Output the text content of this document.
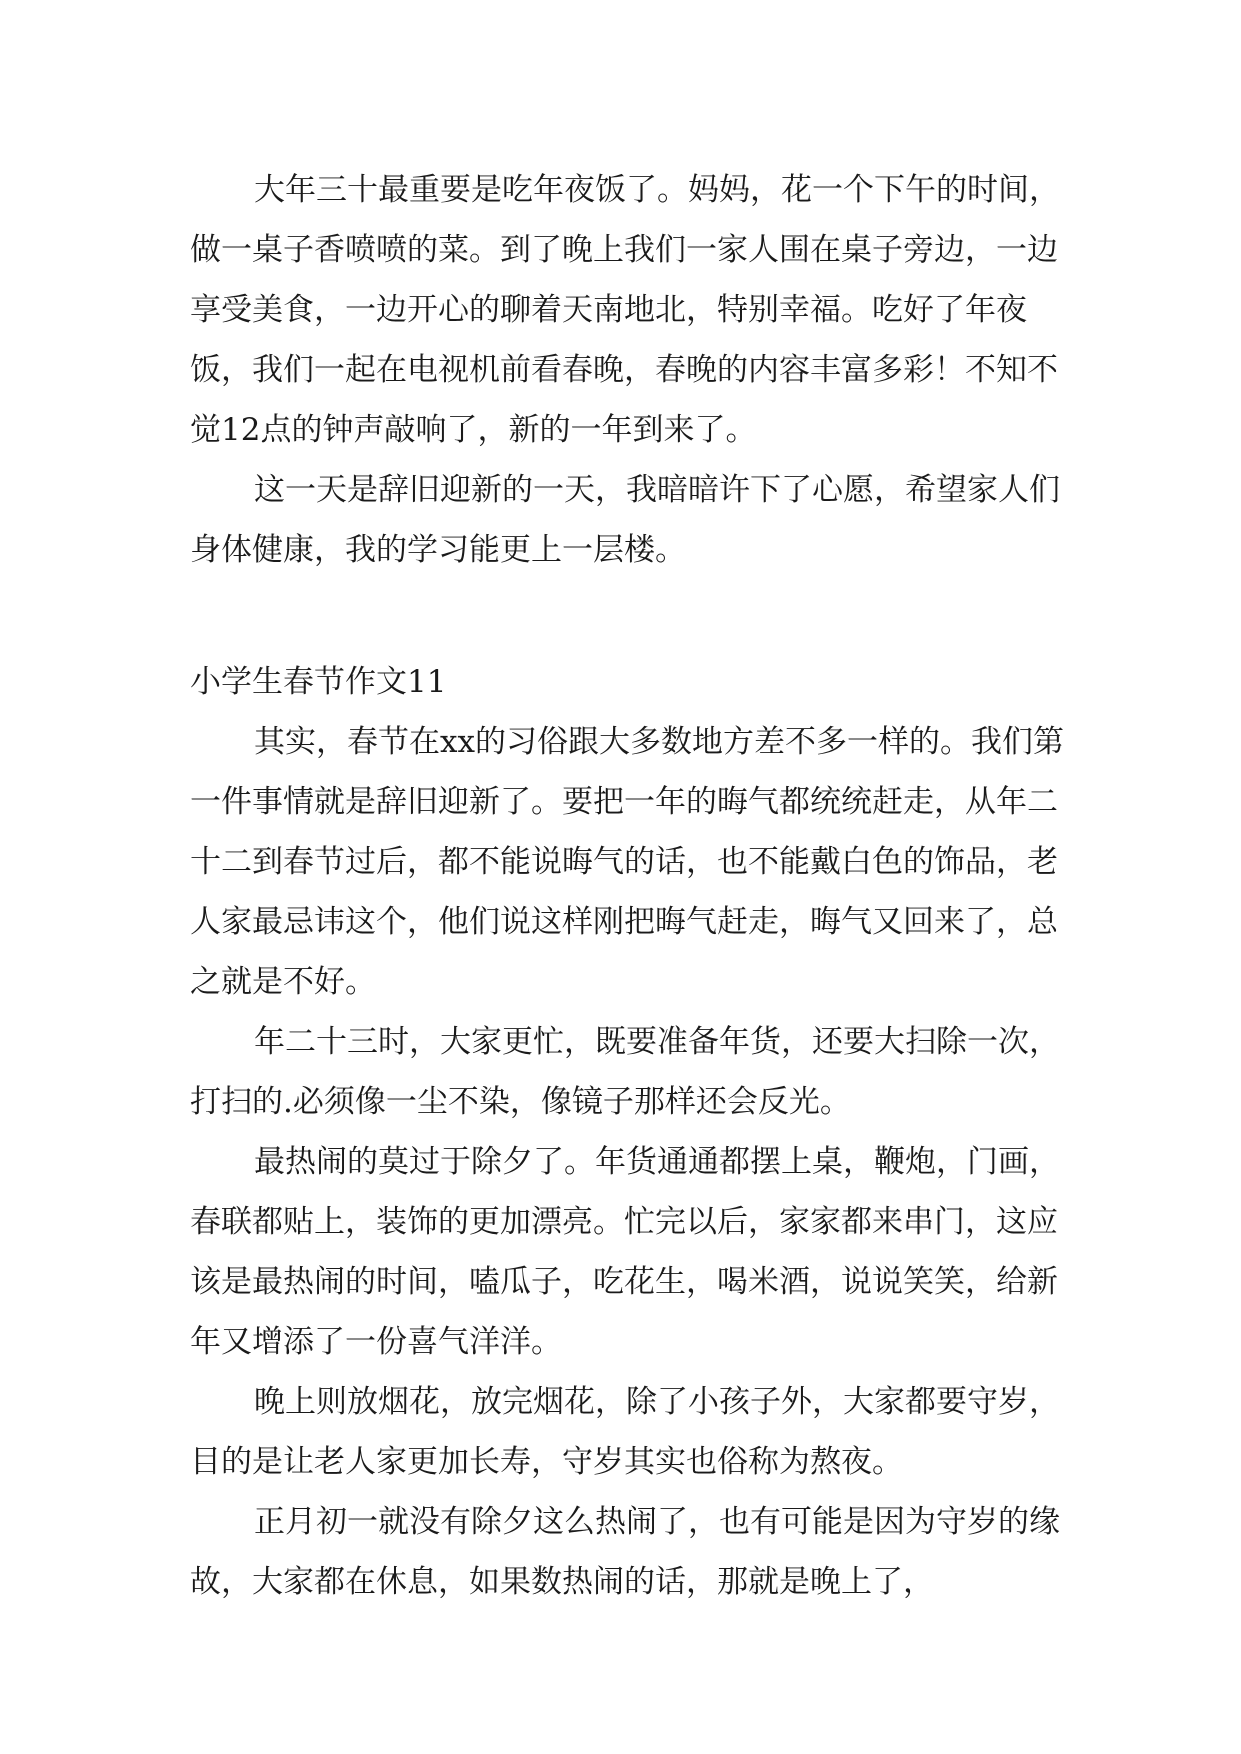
大年三十最重要是吃年夜饭了。妈妈，花一个下午的时间，做一桌子香喷喷的菜。到了晚上我们一家人围在桌子旁边，一边享受美食，一边开心的聊着天南地北，特别幸福。吃好了年夜饭，我们一起在电视机前看春晚，春晚的内容丰富多彩！不知不觉12点的钟声敲响了，新的一年到来了。

这一天是辞旧迎新的一天，我暗暗许下了心愿，希望家人们身体健康，我的学习能更上一层楼。

小学生春节作文11

其实，春节在xx的习俗跟大多数地方差不多一样的。我们第一件事情就是辞旧迎新了。要把一年的晦气都统统赶走，从年二十二到春节过后，都不能说晦气的话，也不能戴白色的饰品，老人家最忌讳这个，他们说这样刚把晦气赶走，晦气又回来了，总之就是不好。

年二十三时，大家更忙，既要准备年货，还要大扫除一次，打扫的.必须像一尘不染，像镜子那样还会反光。

最热闹的莫过于除夕了。年货通通都摆上桌，鞭炮，门画，春联都贴上，装饰的更加漂亮。忙完以后，家家都来串门，这应该是最热闹的时间，嗑瓜子，吃花生，喝米酒，说说笑笑，给新年又增添了一份喜气洋洋。

晚上则放烟花，放完烟花，除了小孩子外，大家都要守岁，目的是让老人家更加长寿，守岁其实也俗称为熬夜。

正月初一就没有除夕这么热闹了，也有可能是因为守岁的缘故，大家都在休息，如果数热闹的话，那就是晚上了，
